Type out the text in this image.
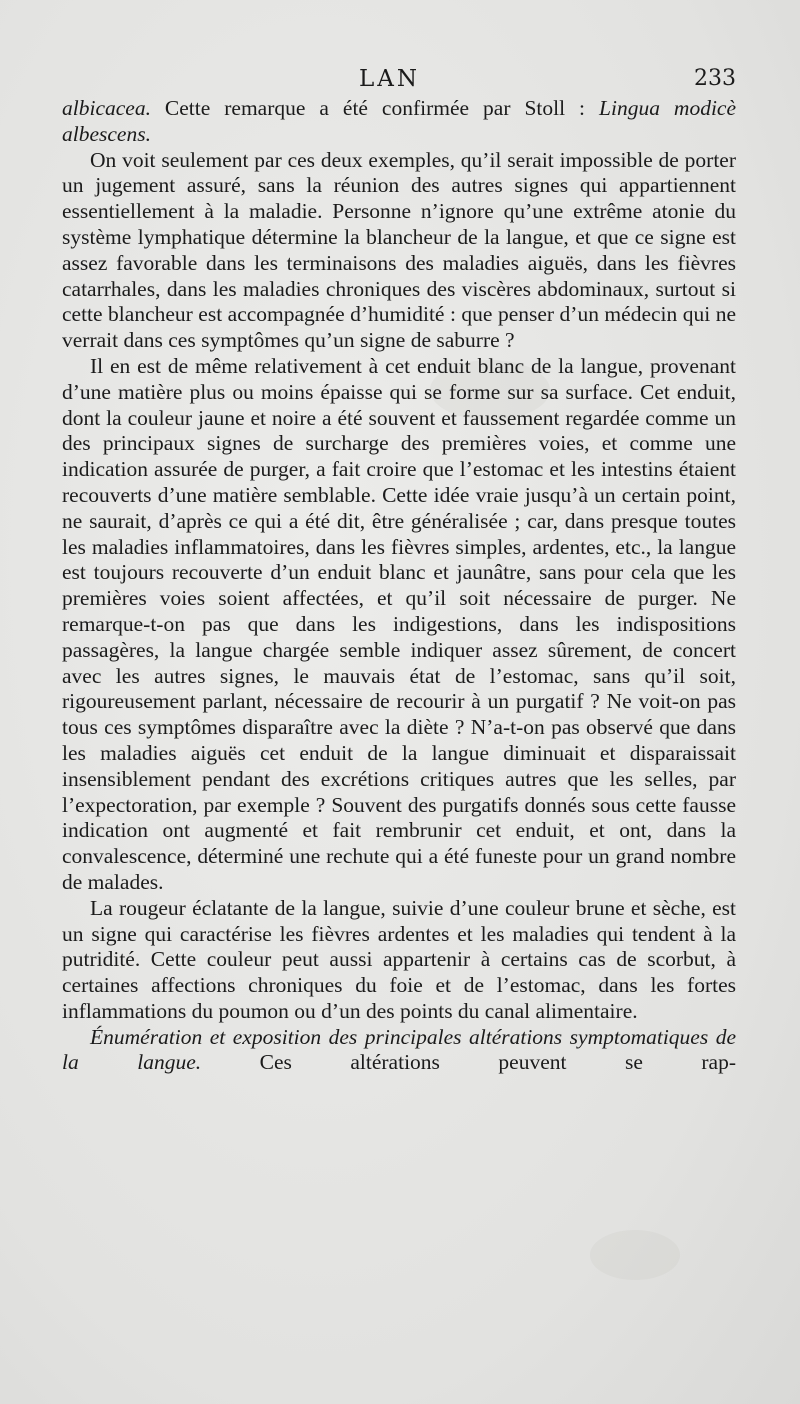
LAN	233

albicacea. Cette remarque a été confirmée par Stoll : Lingua modicè albescens.

On voit seulement par ces deux exemples, qu’il serait impossible de porter un jugement assuré, sans la réunion des autres signes qui appartiennent essentiellement à la maladie. Personne n’ignore qu’une extrême atonie du système lymphatique détermine la blancheur de la langue, et que ce signe est assez favorable dans les terminaisons des maladies aiguës, dans les fièvres catarrhales, dans les maladies chroniques des viscères abdominaux, surtout si cette blancheur est accompagnée d’humidité : que penser d’un médecin qui ne verrait dans ces symptômes qu’un signe de saburre ?

Il en est de même relativement à cet enduit blanc de la langue, provenant d’une matière plus ou moins épaisse qui se forme sur sa surface. Cet enduit, dont la couleur jaune et noire a été souvent et faussement regardée comme un des principaux signes de surcharge des premières voies, et comme une indication assurée de purger, a fait croire que l’estomac et les intestins étaient recouverts d’une matière semblable. Cette idée vraie jusqu’à un certain point, ne saurait, d’après ce qui a été dit, être généralisée ; car, dans presque toutes les maladies inflammatoires, dans les fièvres simples, ardentes, etc., la langue est toujours recouverte d’un enduit blanc et jaunâtre, sans pour cela que les premières voies soient affectées, et qu’il soit nécessaire de purger. Ne remarque-t-on pas que dans les indigestions, dans les indispositions passagères, la langue chargée semble indiquer assez sûrement, de concert avec les autres signes, le mauvais état de l’estomac, sans qu’il soit, rigoureusement parlant, nécessaire de recourir à un purgatif ? Ne voit-on pas tous ces symptômes disparaître avec la diète ? N’a-t-on pas observé que dans les maladies aiguës cet enduit de la langue diminuait et disparaissait insensiblement pendant des excrétions critiques autres que les selles, par l’expectoration, par exemple ? Souvent des purgatifs donnés sous cette fausse indication ont augmenté et fait rembrunir cet enduit, et ont, dans la convalescence, déterminé une rechute qui a été funeste pour un grand nombre de malades.

La rougeur éclatante de la langue, suivie d’une couleur brune et sèche, est un signe qui caractérise les fièvres ardentes et les maladies qui tendent à la putridité. Cette couleur peut aussi appartenir à certains cas de scorbut, à certaines affections chroniques du foie et de l’estomac, dans les fortes inflammations du poumon ou d’un des points du canal alimentaire.

Énumération et exposition des principales altérations symptomatiques de la langue. Ces altérations peuvent se rap-
